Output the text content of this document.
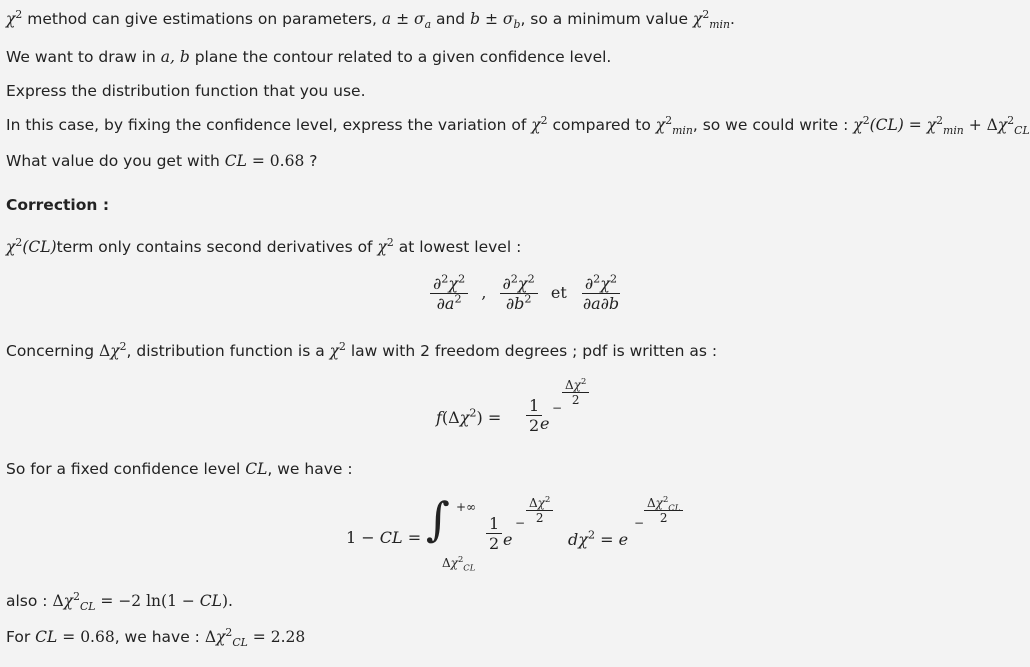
$\chi^2$ method can give estimations on parameters, $a \pm \sigma_a$ and $b \pm \sigma_b$, so a minimum value $\chi^2_{min}$.
We want to draw in a, b plane the contour related to a given confidence level.
Express the distribution function that you use.
In this case, by fixing the confidence level, express the variation of $\chi^2$ compared to $\chi^2_{min}$, so we could write : $\chi^2(CL) = \chi^2_{min} + \Delta\chi^2_{CL}$
What value do you get with CL = 0.68 ?
Correction :
$\chi^2(CL)term$ only contains second derivatives of $\chi^2$ at lowest level :
$\frac{\partial^2\chi^2}{\partial a^2}$ , $\frac{\partial^2\chi^2}{\partial b^2}$ et $\frac{\partial^2\chi^2}{\partial a\partial b}$
Concerning $\Delta\chi^2$, distribution function is a $\chi^2$ law with 2 freedom degrees ; pdf is written as :
$f(\Delta\chi^2) = \frac{1}{2}$
e
−
$\frac{\Delta\chi^2}{2}$
So for a fixed confidence level CL, we have :
1 − CL = ∫ +∞
$\Delta\chi^2_{CL}$
$\frac{1}{2}$ e
− $\frac{\Delta\chi^2}{2}$
$d\chi^2 = e$
− $\frac{\Delta\chi^2_{CL}}{2}$
also : $\Delta\chi^2_{CL} = -2$ ln(1 − CL).
For CL = 0.68, we have : $\Delta\chi^2_{CL} = 2.28$
